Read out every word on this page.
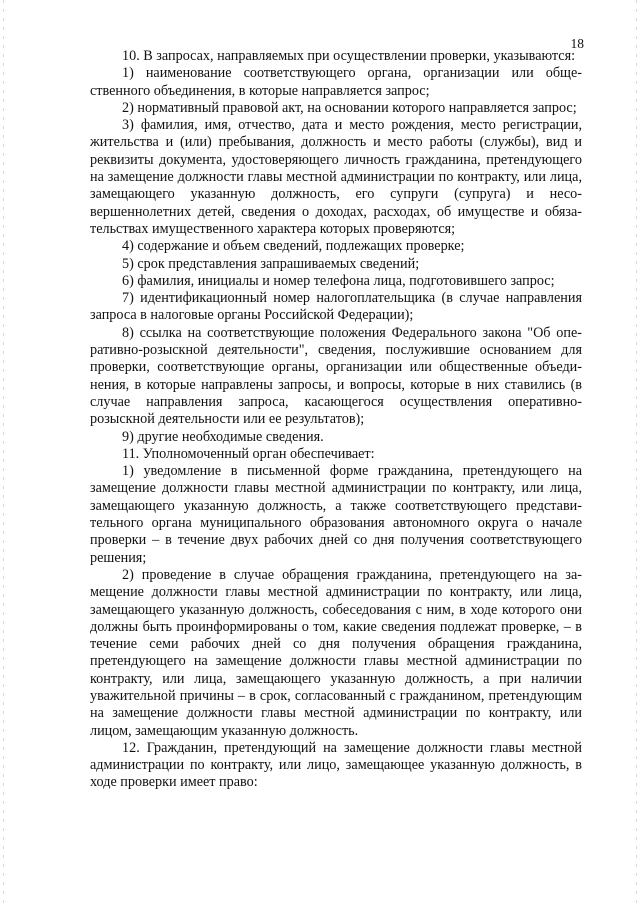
18

10. В запросах, направляемых при осуществлении проверки, указываются:

1) наименование соответствующего органа, организации или общественного объединения, в которые направляется запрос;

2) нормативный правовой акт, на основании которого направляется запрос;

3) фамилия, имя, отчество, дата и место рождения, место регистрации, жительства и (или) пребывания, должность и место работы (службы), вид и реквизиты документа, удостоверяющего личность гражданина, претендующего на замещение должности главы местной администрации по контракту, или лица, замещающего указанную должность, его супруги (супруга) и несовершеннолетних детей, сведения о доходах, расходах, об имуществе и обязательствах имущественного характера которых проверяются;

4) содержание и объем сведений, подлежащих проверке;

5) срок представления запрашиваемых сведений;

6) фамилия, инициалы и номер телефона лица, подготовившего запрос;

7) идентификационный номер налогоплательщика (в случае направления запроса в налоговые органы Российской Федерации);

8) ссылка на соответствующие положения Федерального закона "Об оперативно-розыскной деятельности", сведения, послужившие основанием для проверки, соответствующие органы, организации или общественные объединения, в которые направлены запросы, и вопросы, которые в них ставились (в случае направления запроса, касающегося осуществления оперативно-розыскной деятельности или ее результатов);

9) другие необходимые сведения.

11. Уполномоченный орган обеспечивает:

1) уведомление в письменной форме гражданина, претендующего на замещение должности главы местной администрации по контракту, или лица, замещающего указанную должность, а также соответствующего представительного органа муниципального образования автономного округа о начале проверки – в течение двух рабочих дней со дня получения соответствующего решения;

2) проведение в случае обращения гражданина, претендующего на замещение должности главы местной администрации по контракту, или лица, замещающего указанную должность, собеседования с ним, в ходе которого они должны быть проинформированы о том, какие сведения подлежат проверке, – в течение семи рабочих дней со дня получения обращения гражданина, претендующего на замещение должности главы местной администрации по контракту, или лица, замещающего указанную должность, а при наличии уважительной причины – в срок, согласованный с гражданином, претендующим на замещение должности главы местной администрации по контракту, или лицом, замещающим указанную должность.

12. Гражданин, претендующий на замещение должности главы местной администрации по контракту, или лицо, замещающее указанную должность, в ходе проверки имеет право:
